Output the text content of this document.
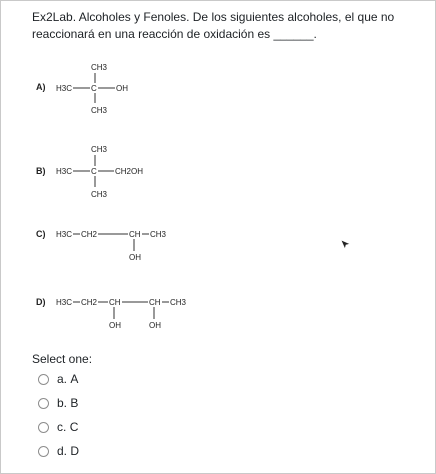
Ex2Lab. Alcoholes y Fenoles. De los siguientes alcoholes, el que no reaccionará en una reacción de oxidación es ______.
A)
CH3
H3C C OH
CH3
B)
CH3
H3C C CH2OH
CH3
C) H3C CH2	CH CH3
OH
D) H3C CH2 CH	CH CH3
OH	OH
Select one:
a.
A
b.
B
c.
C
d.
D
